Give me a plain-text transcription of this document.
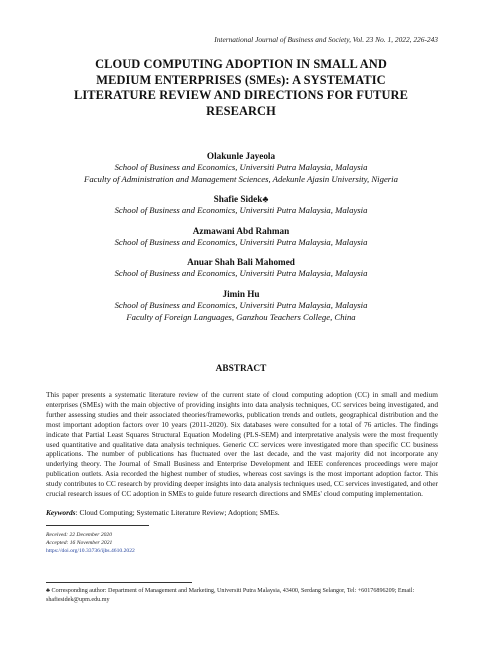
International Journal of Business and Society, Vol. 23 No. 1, 2022, 226-243
CLOUD COMPUTING ADOPTION IN SMALL AND
MEDIUM ENTERPRISES (SMEs): A SYSTEMATIC
LITERATURE REVIEW AND DIRECTIONS FOR FUTURE
RESEARCH
Olakunle Jayeola
School of Business and Economics, Universiti Putra Malaysia, Malaysia
Faculty of Administration and Management Sciences, Adekunle Ajasin University, Nigeria
Shafie Sidek♣
School of Business and Economics, Universiti Putra Malaysia, Malaysia
Azmawani Abd Rahman
School of Business and Economics, Universiti Putra Malaysia, Malaysia
Anuar Shah Bali Mahomed
School of Business and Economics, Universiti Putra Malaysia, Malaysia
Jimin Hu
School of Business and Economics, Universiti Putra Malaysia, Malaysia
Faculty of Foreign Languages, Ganzhou Teachers College, China
ABSTRACT

This paper presents a systematic literature review of the current state of cloud computing adoption (CC) in small and medium enterprises (SMEs) with the main objective of providing insights into data analysis techniques, CC services being investigated, and further assessing studies and their associated theories/frameworks, publication trends and outlets, geographical distribution and the most important adoption factors over 10 years (2011-2020). Six databases were consulted for a total of 76 articles. The findings indicate that Partial Least Squares Structural Equation Modeling (PLS-SEM) and interpretative analysis were the most frequently used quantitative and qualitative data analysis techniques. Generic CC services were investigated more than specific CC business applications. The number of publications has fluctuated over the last decade, and the vast majority did not incorporate any underlying theory. The Journal of Small Business and Enterprise Development and IEEE conferences proceedings were major publication outlets. Asia recorded the highest number of studies, whereas cost savings is the most important adoption factor. This study contributes to CC research by providing deeper insights into data analysis techniques used, CC services investigated, and other crucial research issues of CC adoption in SMEs to guide future research directions and SMEs' cloud computing implementation.

Keywords: Cloud Computing; Systematic Literature Review; Adoption; SMEs.

Received: 22 December 2020
Accepted: 16 November 2021
https://doi.org/10.33736/ijbs.4610.2022

♣ Corresponding author: Department of Management and Marketing, Universiti Putra Malaysia, 43400, Serdang Selangor, Tel: +60176896209; Email: shafiesidek@upm.edu.my
